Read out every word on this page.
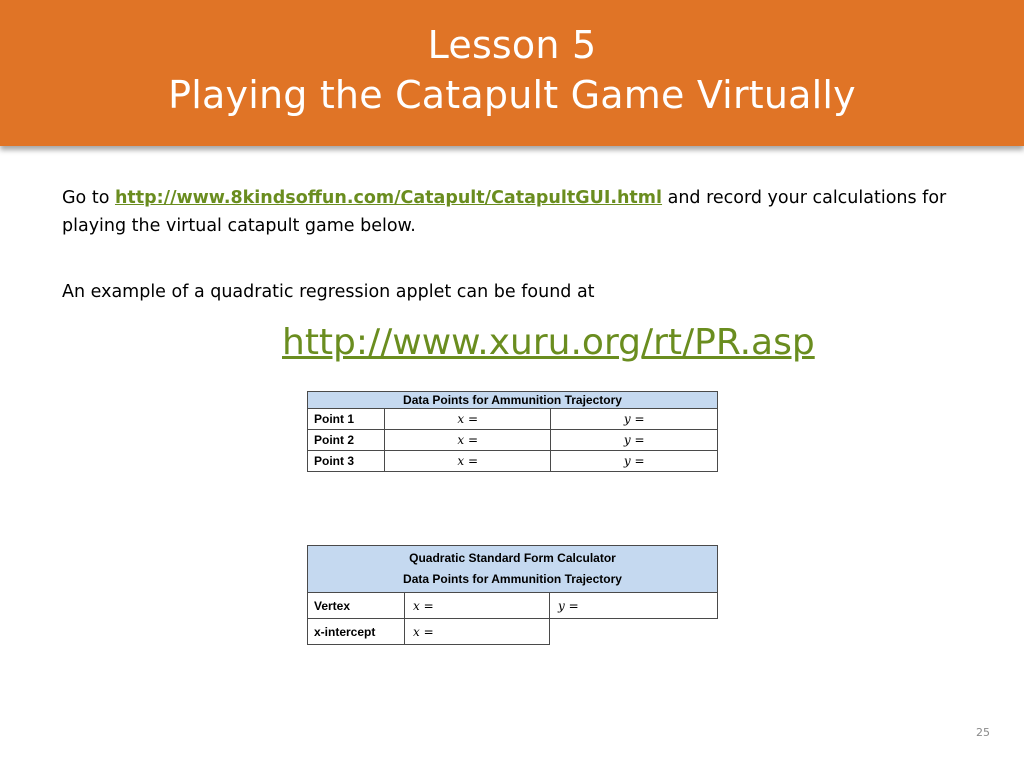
Lesson 5
Playing the Catapult Game Virtually
Go to http://www.8kindsoffun.com/Catapult/CatapultGUI.html and record your calculations for playing the virtual catapult game below.
An example of a quadratic regression applet can be found at
http://www.xuru.org/rt/PR.asp
Data Points for Ammunition Trajectory		
Point 1	𝑥 =	𝑦 =
Point 2	𝑥 =	𝑦 =
Point 3	𝑥 =	𝑦 =
Quadratic Standard Form Calculator
Data Points for Ammunition Trajectory		

Vertex	𝑥 =	𝑦 =
x-intercept	𝑥 =	
25
